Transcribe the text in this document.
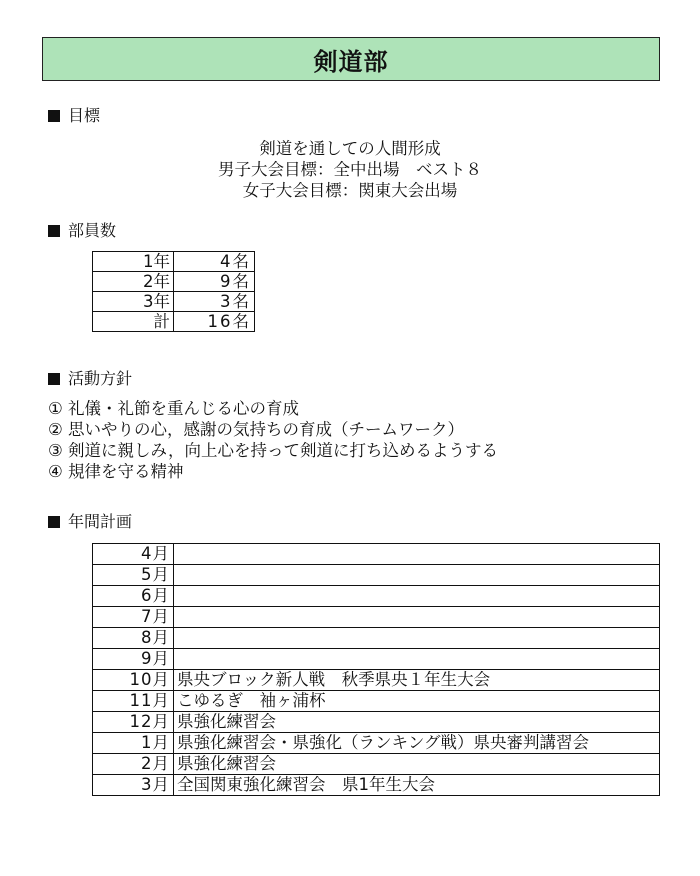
剣道部
目標
剣道を通しての人間形成
男子大会目標：全中出場　ベスト８
女子大会目標：関東大会出場
部員数
1年	4名
2年	9名
3年	3名
計	16名
活動方針
① 礼儀・礼節を重んじる心の育成
② 思いやりの心，感謝の気持ちの育成（チームワーク）
③ 剣道に親しみ，向上心を持って剣道に打ち込めるようする
④ 規律を守る精神
年間計画
4月	
5月	
6月	
7月	
8月	
9月	
10月	県央ブロック新人戦　秋季県央１年生大会
11月	こゆるぎ　袖ヶ浦杯
12月	県強化練習会
1月	県強化練習会・県強化（ランキング戦）県央審判講習会
2月	県強化練習会
3月	全国関東強化練習会　県1年生大会
